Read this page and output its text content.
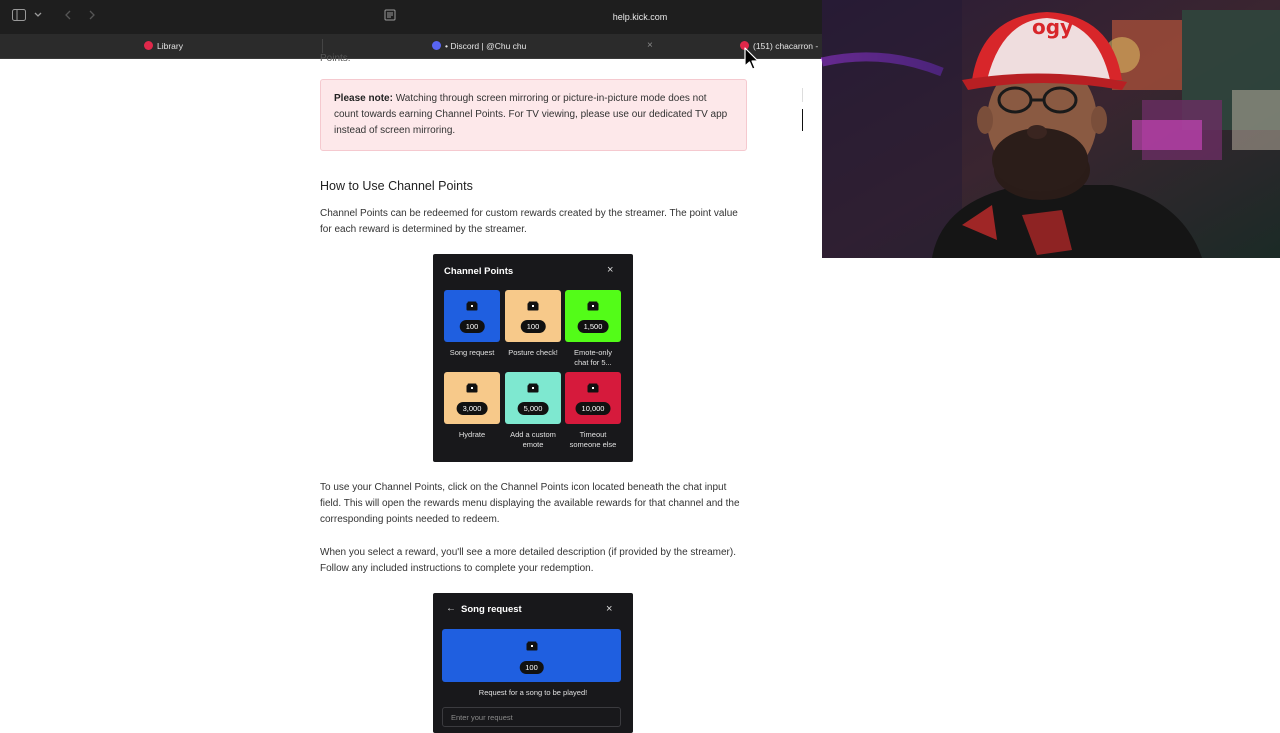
help.kick.com
Library	• Discord | @Chu chu	×	(151) chacarron -
Points.
Please note: Watching through screen mirroring or picture-in-picture mode does not count towards earning Channel Points. For TV viewing, please use our dedicated TV app instead of screen mirroring.
How to Use Channel Points
Channel Points can be redeemed for custom rewards created by the streamer. The point value for each reward is determined by the streamer.
To use your Channel Points, click on the Channel Points icon located beneath the chat input field. This will open the rewards menu displaying the available rewards for that channel and the corresponding points needed to redeem.
When you select a reward, you'll see a more detailed description (if provided by the streamer). Follow any included instructions to complete your redemption.
Channel Points	×
100
Song request
100
Posture check!
1,500
Emote-only chat for 5...
3,000
Hydrate
5,000
Add a custom emote
10,000
Timeout someone else
← Song request	×
100
Request for a song to be played!
Enter your request
ogy
